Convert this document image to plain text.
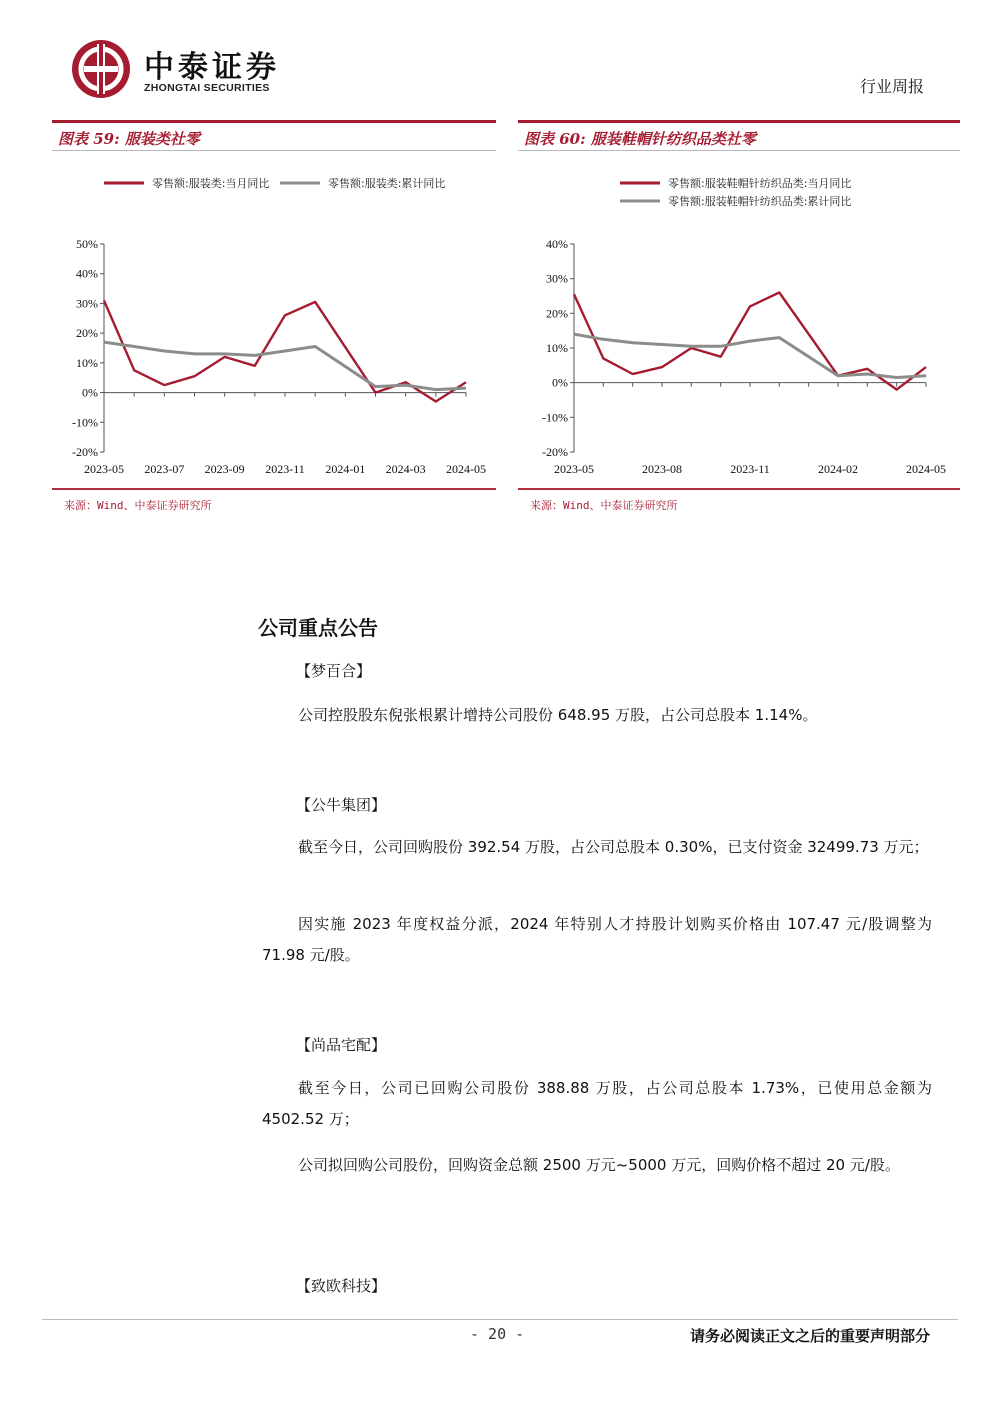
中泰证券
ZHONGTAI SECURITIES	行业周报
图表 59: 服装类社零
零售额:服装类:当月同比	零售额:服装类:累计同比
50%
40%
30%
20%
10%
0%
-10%
-20%
2023-05 2023-07 2023-09 2023-11 2024-01 2024-03 2024-05
来源：Wind、中泰证券研究所
图表 60: 服装鞋帽针纺织品类社零
零售额:服装鞋帽针纺织品类:当月同比
零售额:服装鞋帽针纺织品类:累计同比
40%
30%
20%
10%
0%
-10%
-20%
2023-05	2023-08	2023-11	2024-02	2024-05
来源：Wind、中泰证券研究所
公司重点公告
【梦百合】
公司控股股东倪张根累计增持公司股份 648.95 万股，占公司总股本 1.14%。
【公牛集团】
截至今日，公司回购股份 392.54 万股，占公司总股本 0.30%，已支付资金 32499.73 万元；
因实施 2023 年度权益分派，2024 年特别人才持股计划购买价格由 107.47 元/股调整为 71.98 元/股。
【尚品宅配】
截至今日，公司已回购公司股份 388.88 万股，占公司总股本 1.73%，已使用总金额为 4502.52 万；
公司拟回购公司股份，回购资金总额 2500 万元~5000 万元，回购价格不超过 20 元/股。
【致欧科技】
- 20 -	请务必阅读正文之后的重要声明部分
